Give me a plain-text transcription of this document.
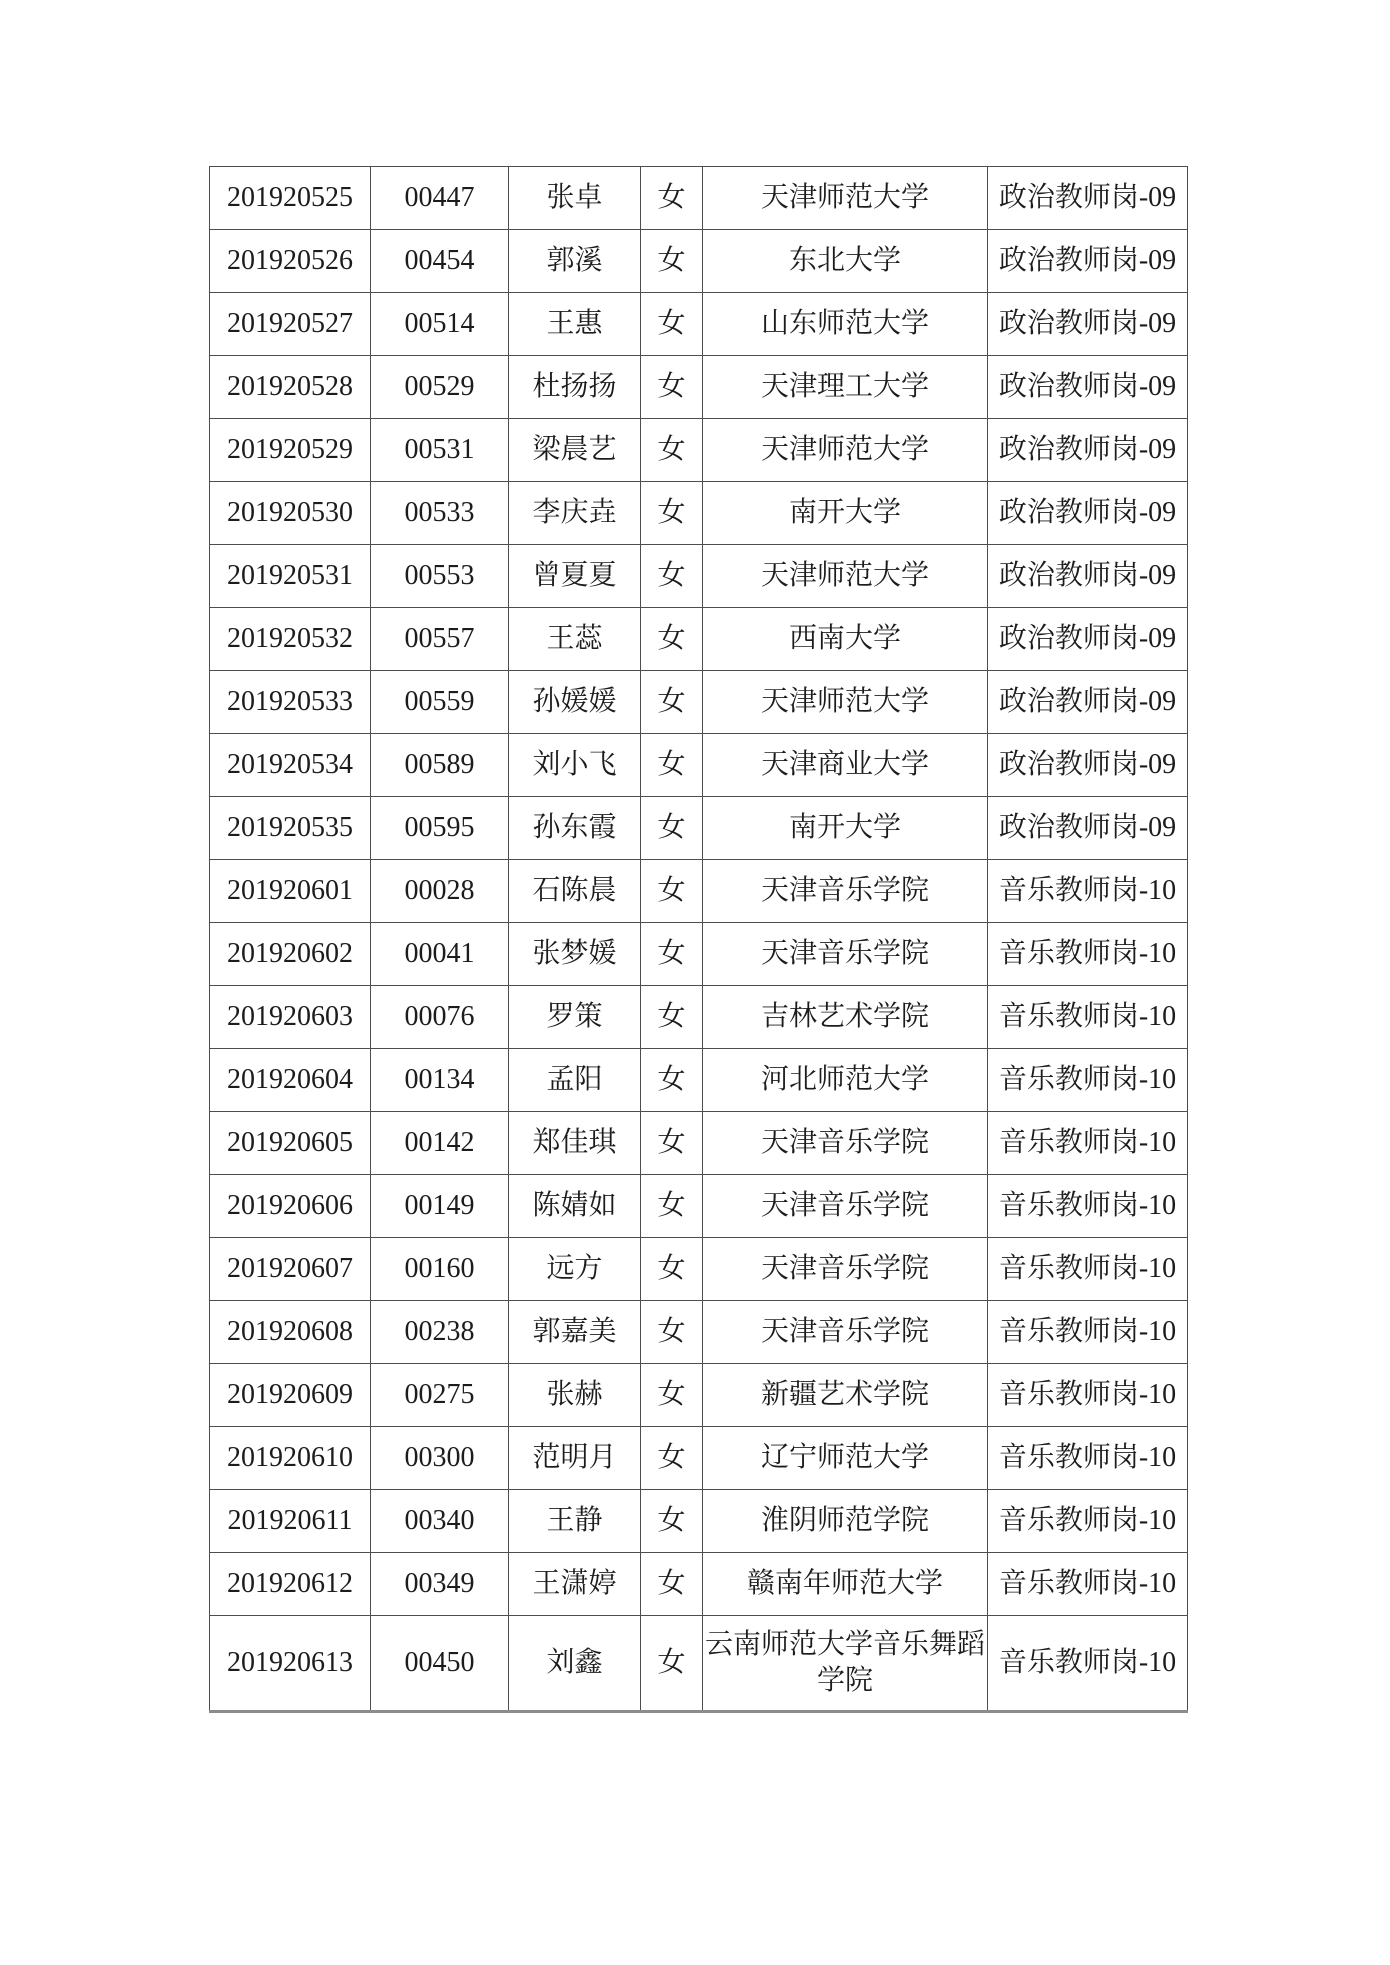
201920525	00447	张卓	女	天津师范大学	政治教师岗-09
201920526	00454	郭溪	女	东北大学	政治教师岗-09
201920527	00514	王惠	女	山东师范大学	政治教师岗-09
201920528	00529	杜扬扬	女	天津理工大学	政治教师岗-09
201920529	00531	梁晨艺	女	天津师范大学	政治教师岗-09
201920530	00533	李庆垚	女	南开大学	政治教师岗-09
201920531	00553	曾夏夏	女	天津师范大学	政治教师岗-09
201920532	00557	王蕊	女	西南大学	政治教师岗-09
201920533	00559	孙媛媛	女	天津师范大学	政治教师岗-09
201920534	00589	刘小飞	女	天津商业大学	政治教师岗-09
201920535	00595	孙东霞	女	南开大学	政治教师岗-09
201920601	00028	石陈晨	女	天津音乐学院	音乐教师岗-10
201920602	00041	张梦媛	女	天津音乐学院	音乐教师岗-10
201920603	00076	罗策	女	吉林艺术学院	音乐教师岗-10
201920604	00134	孟阳	女	河北师范大学	音乐教师岗-10
201920605	00142	郑佳琪	女	天津音乐学院	音乐教师岗-10
201920606	00149	陈婧如	女	天津音乐学院	音乐教师岗-10
201920607	00160	远方	女	天津音乐学院	音乐教师岗-10
201920608	00238	郭嘉美	女	天津音乐学院	音乐教师岗-10
201920609	00275	张赫	女	新疆艺术学院	音乐教师岗-10
201920610	00300	范明月	女	辽宁师范大学	音乐教师岗-10
201920611	00340	王静	女	淮阴师范学院	音乐教师岗-10
201920612	00349	王潇婷	女	赣南年师范大学	音乐教师岗-10
201920613	00450	刘鑫	女	云南师范大学音乐舞蹈学院	音乐教师岗-10
